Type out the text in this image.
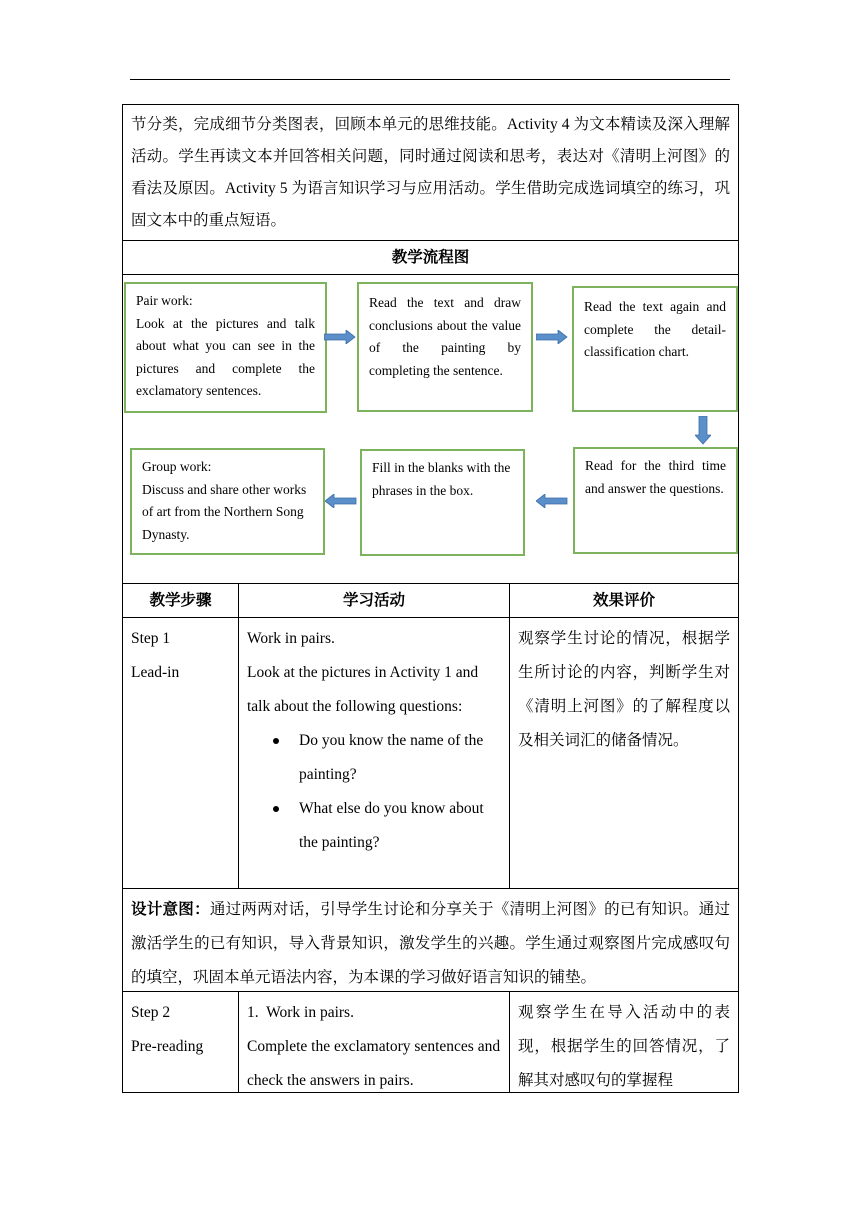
节分类，完成细节分类图表，回顾本单元的思维技能。Activity 4 为文本精读及深入理解活动。学生再读文本并回答相关问题，同时通过阅读和思考，表达对《清明上河图》的看法及原因。Activity 5 为语言知识学习与应用活动。学生借助完成选词填空的练习，巩固文本中的重点短语。
教学流程图
Pair work:
Look at the pictures and talk about what you can see in the pictures and complete the exclamatory sentences.
Read the text and draw conclusions about the value of the painting by completing the sentence.
Read the text again and complete the detail-classification chart.
Read for the third time and answer the questions.
Fill in the blanks with the phrases in the box.
Group work:
Discuss and share other works of art from the Northern Song Dynasty.
教学步骤	学习活动	效果评价
Step 1
Lead-in
Work in pairs.
Look at the pictures in Activity 1 and talk about the following questions:
Do you know the name of the painting?
What else do you know about the painting?
观察学生讨论的情况，根据学生所讨论的内容，判断学生对《清明上河图》的了解程度以及相关词汇的储备情况。
设计意图：通过两两对话，引导学生讨论和分享关于《清明上河图》的已有知识。通过激活学生的已有知识，导入背景知识，激发学生的兴趣。学生通过观察图片完成感叹句的填空，巩固本单元语法内容，为本课的学习做好语言知识的铺垫。
Step 2
Pre-reading
1.  Work in pairs.
Complete the exclamatory sentences and check the answers in pairs.
观察学生在导入活动中的表现，根据学生的回答情况，了解其对感叹句的掌握程
